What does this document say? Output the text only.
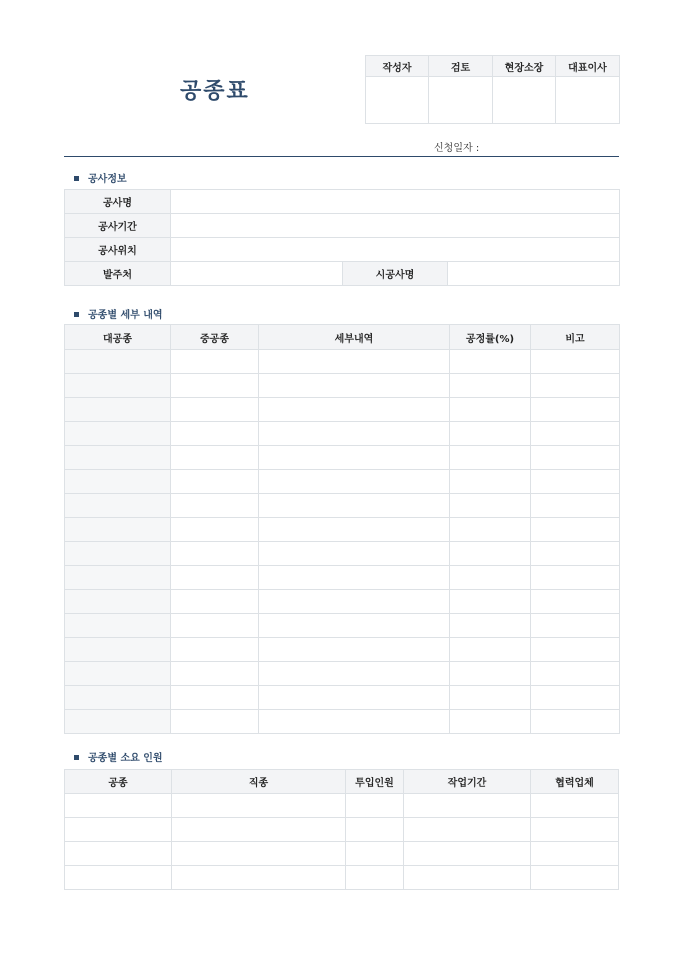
공종표
작성자	검토	현장소장	대표이사

신청일자 :
공사정보
공사명			
공사기간			
공사위치			
발주처		시공사명	
공종별 세부 내역
대공종	중공종	세부내역	공정률(%)	비고

공종별 소요 인원
공종	직종	투입인원	작업기간	협력업체
